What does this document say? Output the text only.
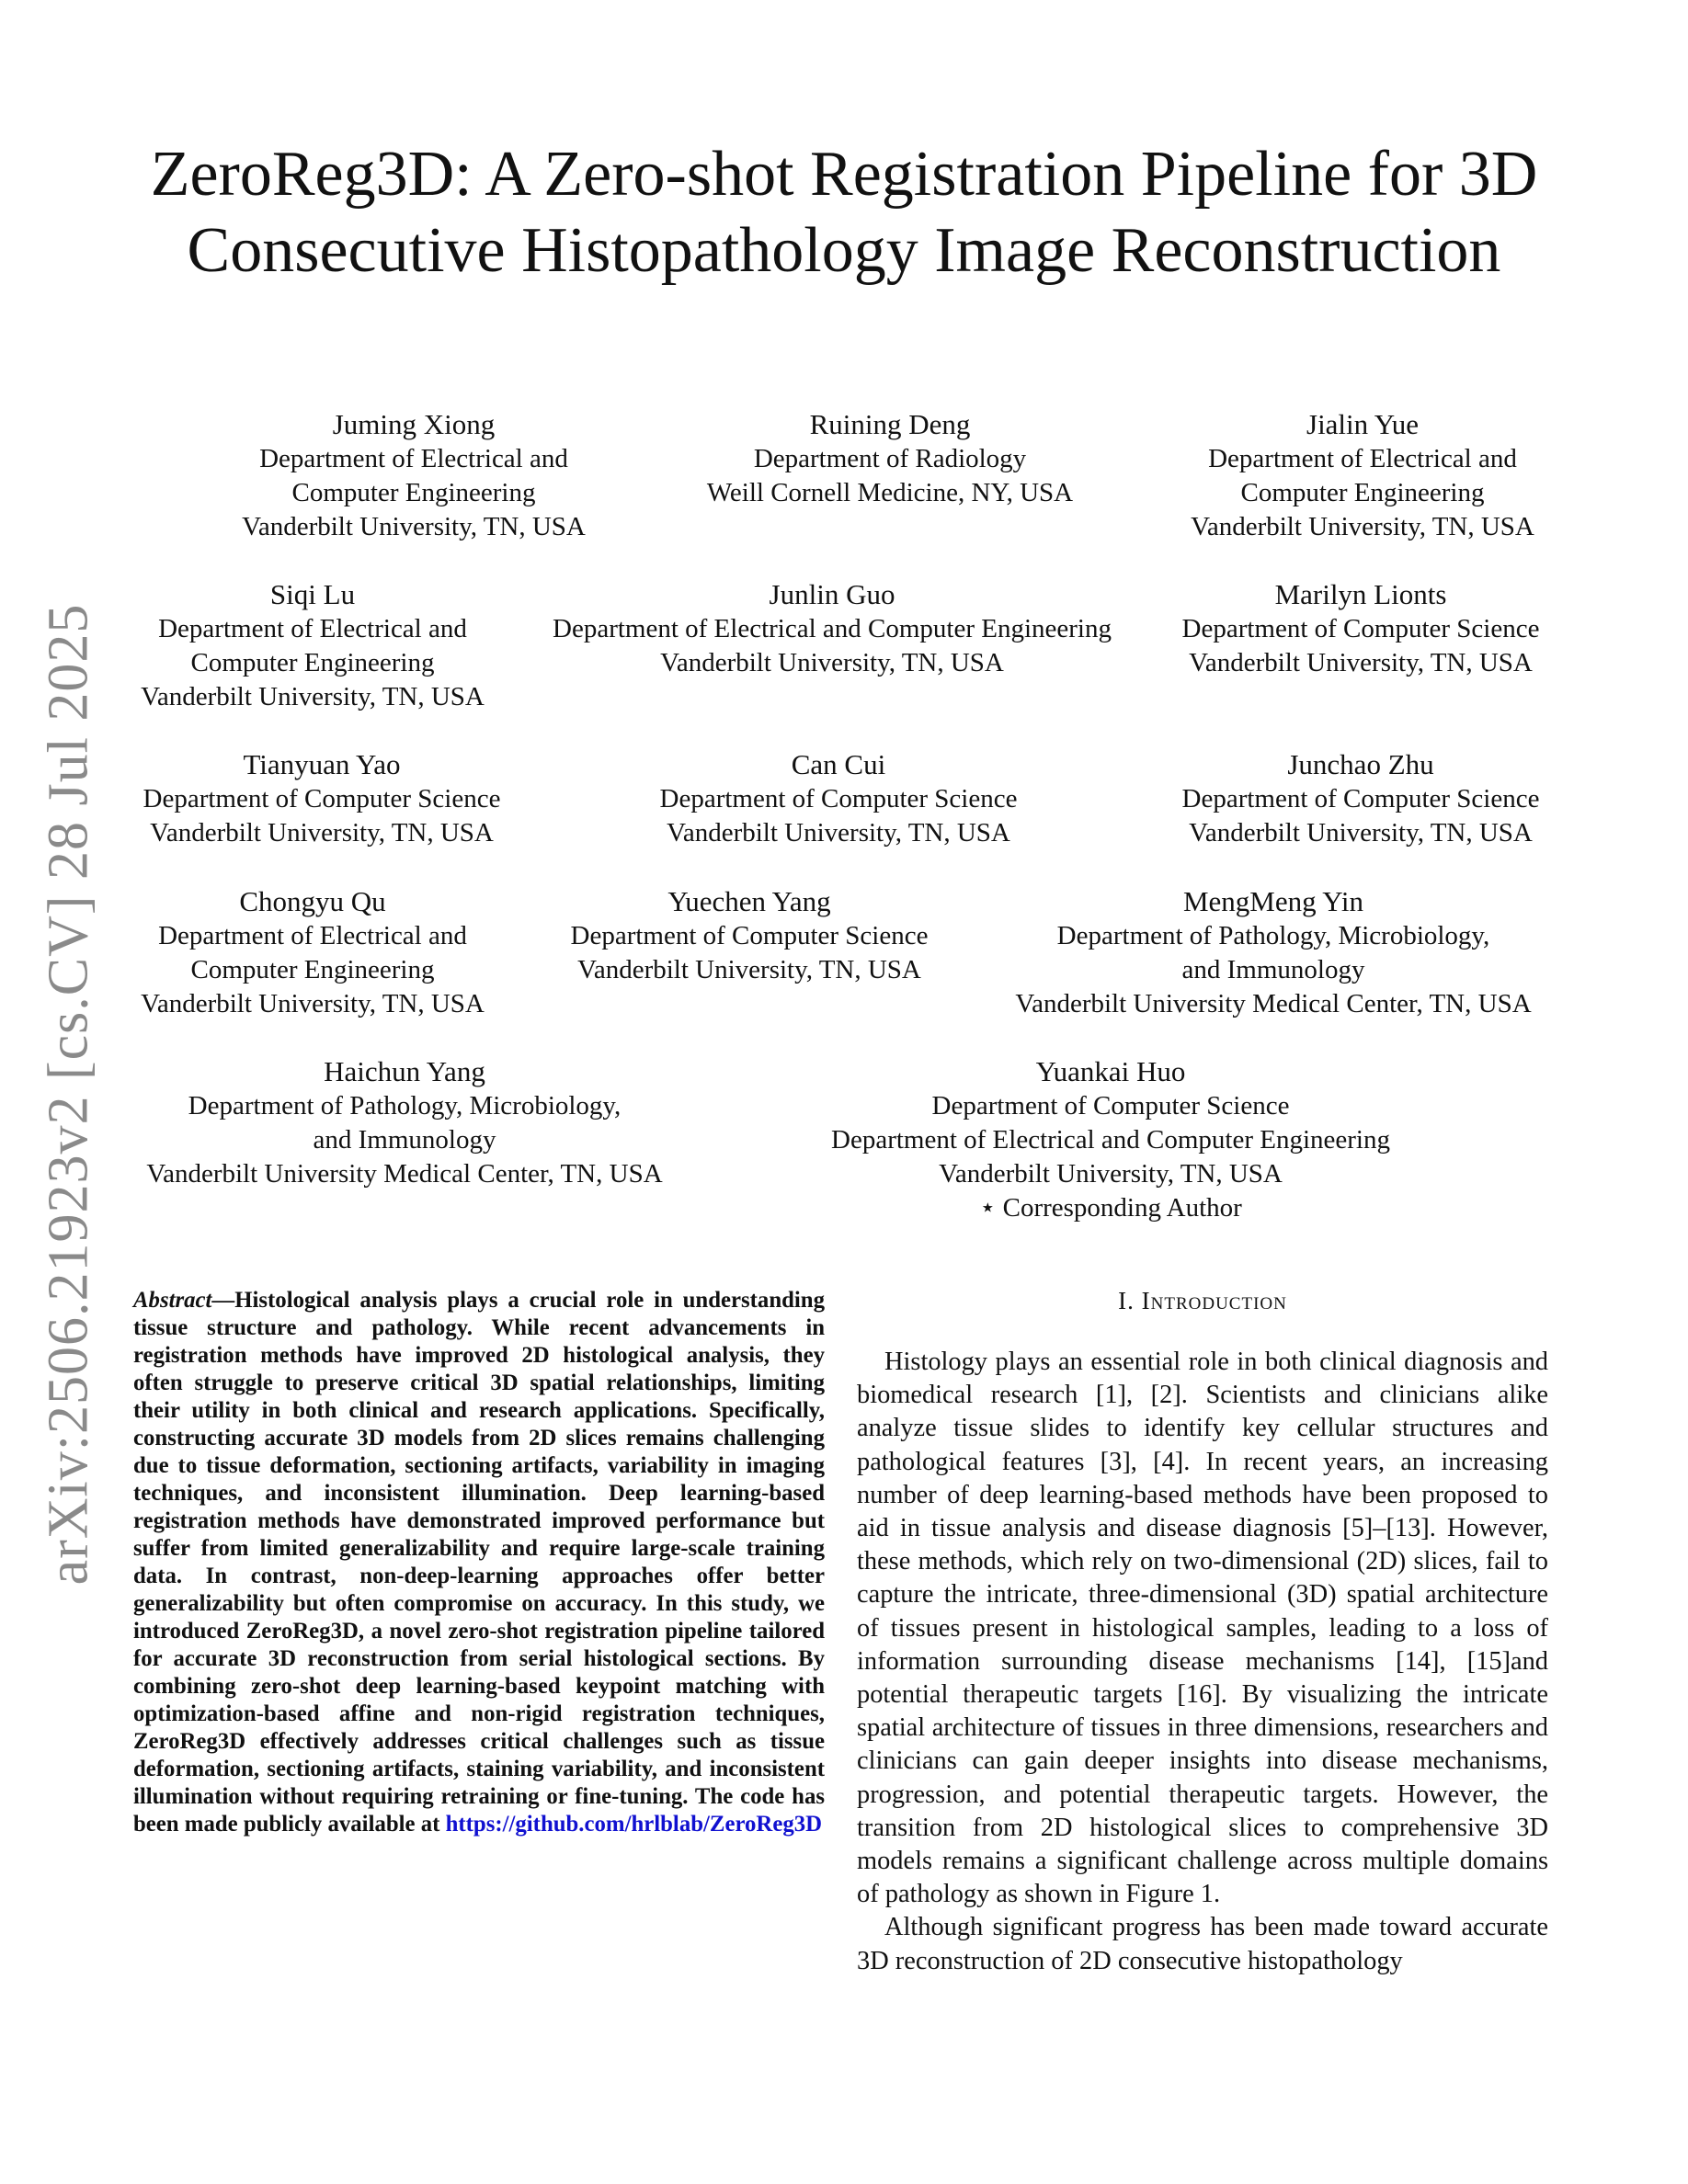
arXiv:2506.21923v2 [cs.CV] 28 Jul 2025
ZeroReg3D: A Zero-shot Registration Pipeline for 3D Consecutive Histopathology Image Reconstruction
Juming Xiong
Department of Electrical and
Computer Engineering
Vanderbilt University, TN, USA
Ruining Deng
Department of Radiology
Weill Cornell Medicine, NY, USA
Jialin Yue
Department of Electrical and
Computer Engineering
Vanderbilt University, TN, USA
Siqi Lu
Department of Electrical and
Computer Engineering
Vanderbilt University, TN, USA
Junlin Guo
Department of Electrical and Computer Engineering
Vanderbilt University, TN, USA
Marilyn Lionts
Department of Computer Science
Vanderbilt University, TN, USA
Tianyuan Yao
Department of Computer Science
Vanderbilt University, TN, USA
Can Cui
Department of Computer Science
Vanderbilt University, TN, USA
Junchao Zhu
Department of Computer Science
Vanderbilt University, TN, USA
Chongyu Qu
Department of Electrical and
Computer Engineering
Vanderbilt University, TN, USA
Yuechen Yang
Department of Computer Science
Vanderbilt University, TN, USA
MengMeng Yin
Department of Pathology, Microbiology,
and Immunology
Vanderbilt University Medical Center, TN, USA
Haichun Yang
Department of Pathology, Microbiology,
and Immunology
Vanderbilt University Medical Center, TN, USA
Yuankai Huo
Department of Computer Science
Department of Electrical and Computer Engineering
Vanderbilt University, TN, USA
⋆ Corresponding Author
Abstract—Histological analysis plays a crucial role in understanding tissue structure and pathology. While recent advancements in registration methods have improved 2D histological analysis, they often struggle to preserve critical 3D spatial relationships, limiting their utility in both clinical and research applications. Specifically, constructing accurate 3D models from 2D slices remains challenging due to tissue deformation, sectioning artifacts, variability in imaging techniques, and inconsistent illumination. Deep learning-based registration methods have demonstrated improved performance but suffer from limited generalizability and require large-scale training data. In contrast, non-deep-learning approaches offer better generalizability but often compromise on accuracy. In this study, we introduced ZeroReg3D, a novel zero-shot registration pipeline tailored for accurate 3D reconstruction from serial histological sections. By combining zero-shot deep learning-based keypoint matching with optimization-based affine and non-rigid registration techniques, ZeroReg3D effectively addresses critical challenges such as tissue deformation, sectioning artifacts, staining variability, and inconsistent illumination without requiring retraining or fine-tuning. The code has been made publicly available at https://github.com/hrlblab/ZeroReg3D
I. Introduction

Histology plays an essential role in both clinical diagnosis and biomedical research [1], [2]. Scientists and clinicians alike analyze tissue slides to identify key cellular structures and pathological features [3], [4]. In recent years, an increasing number of deep learning-based methods have been proposed to aid in tissue analysis and disease diagnosis [5]–[13]. However, these methods, which rely on two-dimensional (2D) slices, fail to capture the intricate, three-dimensional (3D) spatial architecture of tissues present in histological samples, leading to a loss of information surrounding disease mechanisms [14], [15]and potential therapeutic targets [16]. By visualizing the intricate spatial architecture of tissues in three dimensions, researchers and clinicians can gain deeper insights into disease mechanisms, progression, and potential therapeutic targets. However, the transition from 2D histological slices to comprehensive 3D models remains a significant challenge across multiple domains of pathology as shown in Figure 1.

Although significant progress has been made toward accurate 3D reconstruction of 2D consecutive histopathology
